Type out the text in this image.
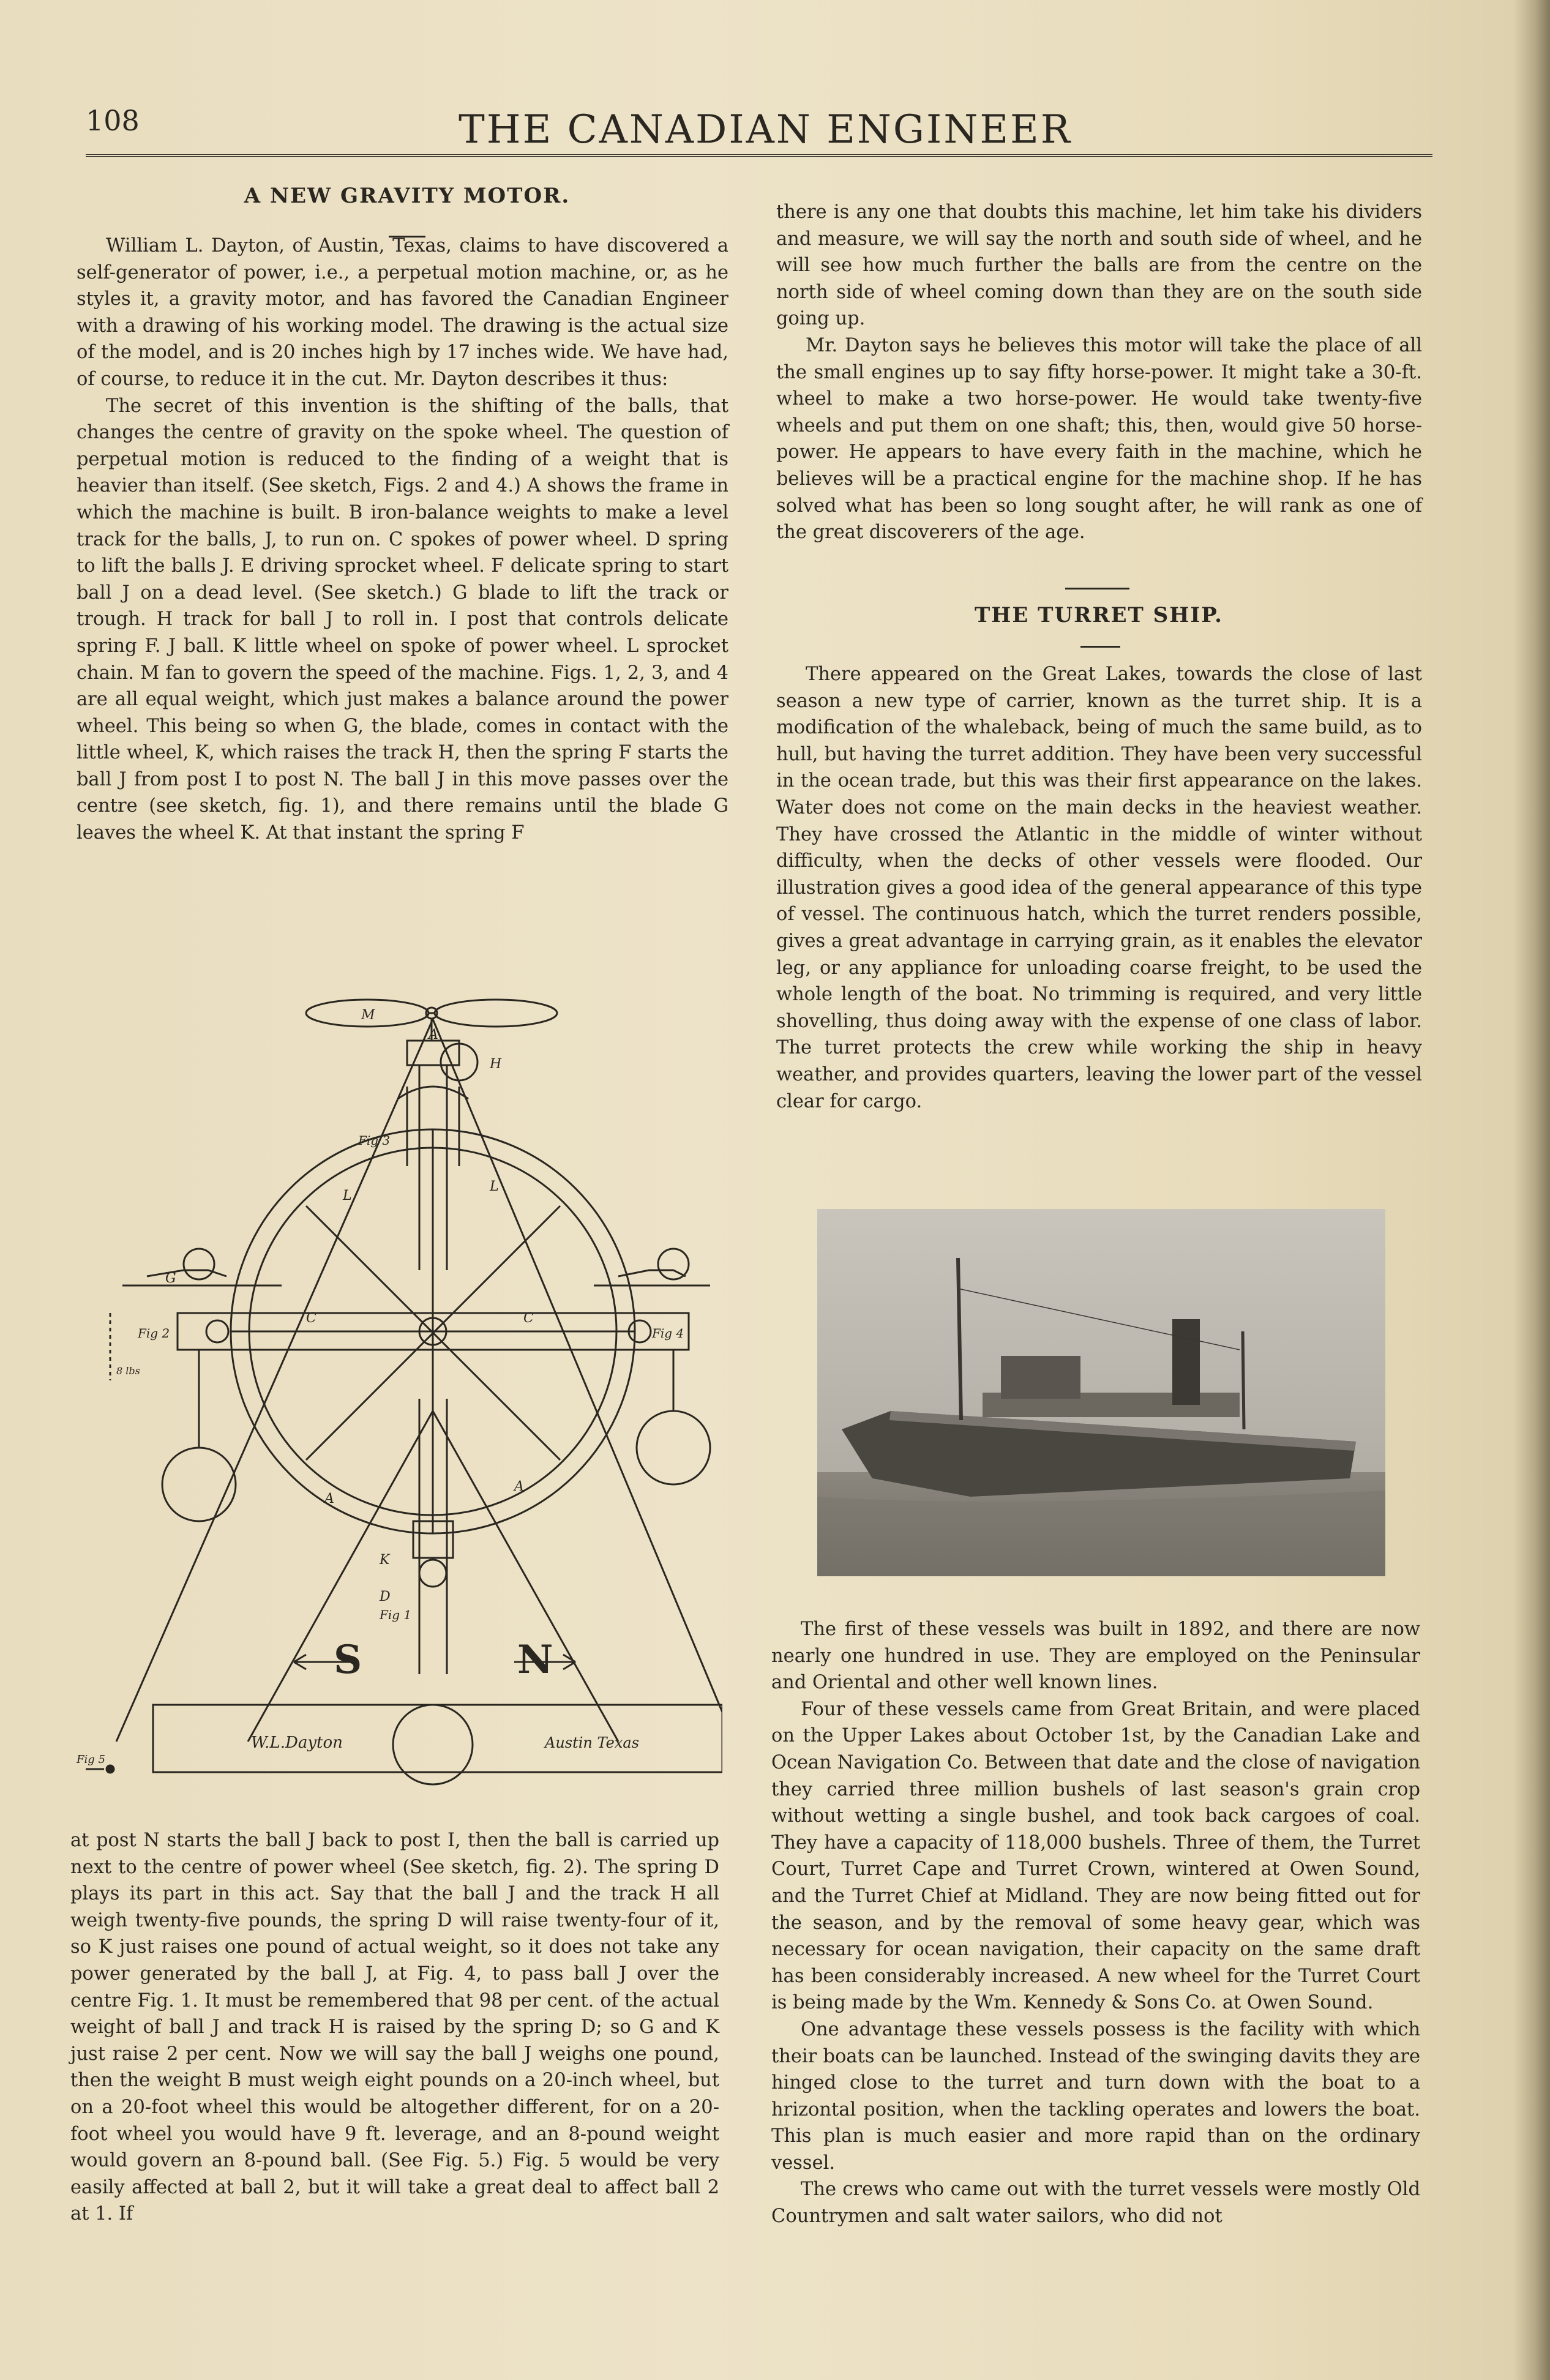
108	THE CANADIAN ENGINEER
A NEW GRAVITY MOTOR.

William L. Dayton, of Austin, Texas, claims to have discovered a self-generator of power, i.e., a perpetual motion machine, or, as he styles it, a gravity motor, and has favored the Canadian Engineer with a drawing of his working model. The drawing is the actual size of the model, and is 20 inches high by 17 inches wide. We have had, of course, to reduce it in the cut. Mr. Dayton describes it thus:

The secret of this invention is the shifting of the balls, that changes the centre of gravity on the spoke wheel. The question of perpetual motion is reduced to the finding of a weight that is heavier than itself. (See sketch, Figs. 2 and 4.) A shows the frame in which the machine is built. B iron-balance weights to make a level track for the balls, J, to run on. C spokes of power wheel. D spring to lift the balls J. E driving sprocket wheel. F delicate spring to start ball J on a dead level. (See sketch.) G blade to lift the track or trough. H track for ball J to roll in. I post that controls delicate spring F. J ball. K little wheel on spoke of power wheel. L sprocket chain. M fan to govern the speed of the machine. Figs. 1, 2, 3, and 4 are all equal weight, which just makes a balance around the power wheel. This being so when G, the blade, comes in contact with the little wheel, K, which raises the track H, then the spring F starts the ball J from post I to post N. The ball J in this move passes over the centre (see sketch, fig. 1), and there remains until the blade G leaves the wheel K. At that instant the spring F

S	N
M
A
C	C
L
L
H
D
K
G
A
A
Fig 1
Fig 2
Fig 3
Fig 4
Fig 5
8 lbs
W.L.Dayton	Austin Texas

at post N starts the ball J back to post I, then the ball is carried up next to the centre of power wheel (See sketch, fig. 2). The spring D plays its part in this act. Say that the ball J and the track H all weigh twenty-five pounds, the spring D will raise twenty-four of it, so K just raises one pound of actual weight, so it does not take any power generated by the ball J, at Fig. 4, to pass ball J over the centre Fig. 1. It must be remembered that 98 per cent. of the actual weight of ball J and track H is raised by the spring D; so G and K just raise 2 per cent. Now we will say the ball J weighs one pound, then the weight B must weigh eight pounds on a 20-inch wheel, but on a 20-foot wheel this would be altogether different, for on a 20-foot wheel you would have 9 ft. leverage, and an 8-pound weight would govern an 8-pound ball. (See Fig. 5.) Fig. 5 would be very easily affected at ball 2, but it will take a great deal to affect ball 2 at 1. If

there is any one that doubts this machine, let him take his dividers and measure, we will say the north and south side of wheel, and he will see how much further the balls are from the centre on the north side of wheel coming down than they are on the south side going up.

Mr. Dayton says he believes this motor will take the place of all the small engines up to say fifty horse-power. It might take a 30-ft. wheel to make a two horse-power. He would take twenty-five wheels and put them on one shaft; this, then, would give 50 horse-power. He appears to have every faith in the machine, which he believes will be a practical engine for the machine shop. If he has solved what has been so long sought after, he will rank as one of the great discoverers of the age.

THE TURRET SHIP.

There appeared on the Great Lakes, towards the close of last season a new type of carrier, known as the turret ship. It is a modification of the whaleback, being of much the same build, as to hull, but having the turret addition. They have been very successful in the ocean trade, but this was their first appearance on the lakes. Water does not come on the main decks in the heaviest weather. They have crossed the Atlantic in the middle of winter without difficulty, when the decks of other vessels were flooded. Our illustration gives a good idea of the general appearance of this type of vessel. The continuous hatch, which the turret renders possible, gives a great advantage in carrying grain, as it enables the elevator leg, or any appliance for unloading coarse freight, to be used the whole length of the boat. No trimming is required, and very little shovelling, thus doing away with the expense of one class of labor. The turret protects the crew while working the ship in heavy weather, and provides quarters, leaving the lower part of the vessel clear for cargo.

The first of these vessels was built in 1892, and there are now nearly one hundred in use. They are employed on the Peninsular and Oriental and other well known lines.

Four of these vessels came from Great Britain, and were placed on the Upper Lakes about October 1st, by the Canadian Lake and Ocean Navigation Co. Between that date and the close of navigation they carried three million bushels of last season's grain crop without wetting a single bushel, and took back cargoes of coal. They have a capacity of 118,000 bushels. Three of them, the Turret Court, Turret Cape and Turret Crown, wintered at Owen Sound, and the Turret Chief at Midland. They are now being fitted out for the season, and by the removal of some heavy gear, which was necessary for ocean navigation, their capacity on the same draft has been considerably increased. A new wheel for the Turret Court is being made by the Wm. Kennedy & Sons Co. at Owen Sound.

One advantage these vessels possess is the facility with which their boats can be launched. Instead of the swinging davits they are hinged close to the turret and turn down with the boat to a hrizontal position, when the tackling operates and lowers the boat. This plan is much easier and more rapid than on the ordinary vessel.

The crews who came out with the turret vessels were mostly Old Countrymen and salt water sailors, who did not
